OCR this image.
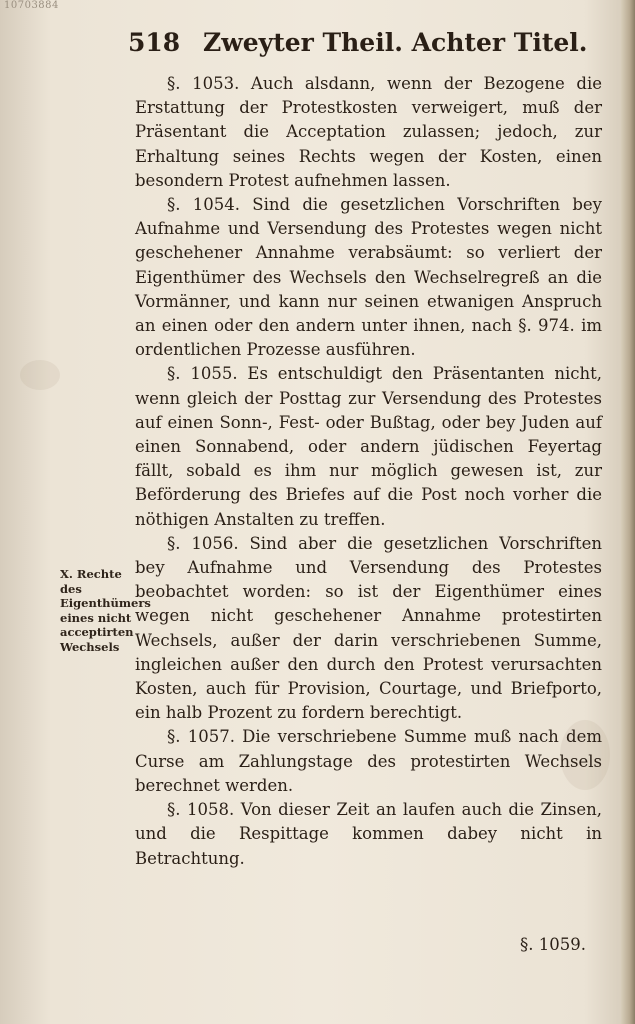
10703884
518 Zweyter Theil. Achter Titel.

§. 1053. Auch alsdann, wenn der Bezogene die Erstattung der Protestkosten verweigert, muß der Präsentant die Acceptation zulassen; jedoch, zur Erhaltung seines Rechts wegen der Kosten, einen besondern Protest aufnehmen lassen.

§. 1054. Sind die gesetzlichen Vorschriften bey Aufnahme und Versendung des Protestes wegen nicht geschehener Annahme verabsäumt: so verliert der Eigenthümer des Wechsels den Wechselregreß an die Vormänner, und kann nur seinen etwanigen Anspruch an einen oder den andern unter ihnen, nach §. 974. im ordentlichen Prozesse ausführen.

§. 1055. Es entschuldigt den Präsentanten nicht, wenn gleich der Posttag zur Versendung des Protestes auf einen Sonn-, Fest- oder Bußtag, oder bey Juden auf einen Sonnabend, oder andern jüdischen Feyertag fällt, sobald es ihm nur möglich gewesen ist, zur Beförderung des Briefes auf die Post noch vorher die nöthigen Anstalten zu treffen.

§. 1056. Sind aber die gesetzlichen Vorschriften bey Aufnahme und Versendung des Protestes beobachtet worden: so ist der Eigenthümer eines wegen nicht geschehener Annahme protestirten Wechsels, außer der darin verschriebenen Summe, ingleichen außer den durch den Protest verursachten Kosten, auch für Provision, Courtage, und Briefporto, ein halb Prozent zu fordern berechtigt.

§. 1057. Die verschriebene Summe muß nach dem Curse am Zahlungstage des protestirten Wechsels berechnet werden.

§. 1058. Von dieser Zeit an laufen auch die Zinsen, und die Respittage kommen dabey nicht in Betrachtung.

X. Rechte des Eigenthümers eines nicht acceptirten Wechsels
§. 1059.
